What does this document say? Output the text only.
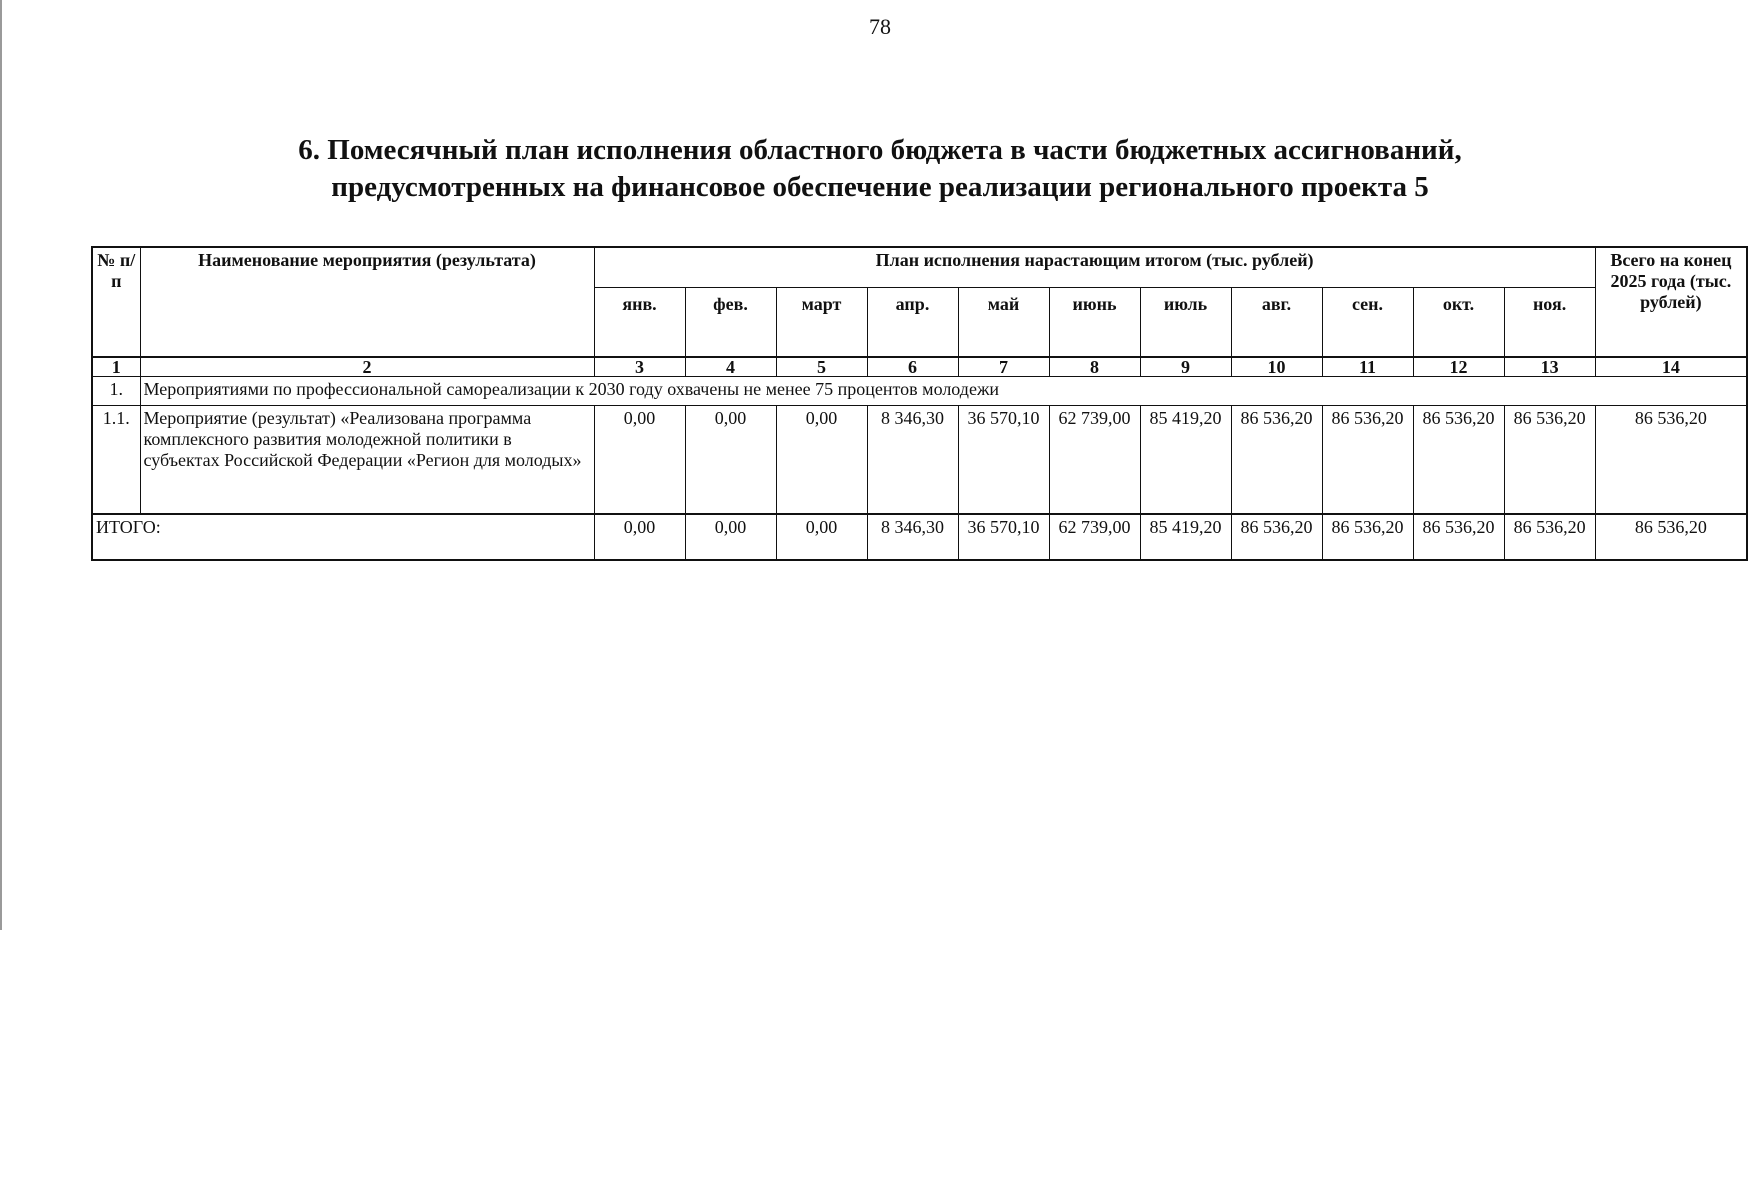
78
6. Помесячный план исполнения областного бюджета в части бюджетных ассигнований,
предусмотренных на финансовое обеспечение реализации регионального проекта 5
№ п/п	Наименование мероприятия (результата)	План исполнения нарастающим итогом (тыс. рублей)											Всего на конец 2025 года (тыс. рублей)
		янв.	фев.	март	апр.	май	июнь	июль	авг.	сен.	окт.	ноя.	
1	2	3	4	5	6	7	8	9	10	11	12	13	14
1.	Мероприятиями по профессиональной самореализации к 2030 году охвачены не менее 75 процентов молодежи												
1.1.	Мероприятие (результат) «Реализована программа комплексного развития молодежной политики в субъектах Российской Федерации «Регион для молодых»	0,00	0,00	0,00	8 346,30	36 570,10	62 739,00	85 419,20	86 536,20	86 536,20	86 536,20	86 536,20	86 536,20
ИТОГО:		0,00	0,00	0,00	8 346,30	36 570,10	62 739,00	85 419,20	86 536,20	86 536,20	86 536,20	86 536,20	86 536,20
